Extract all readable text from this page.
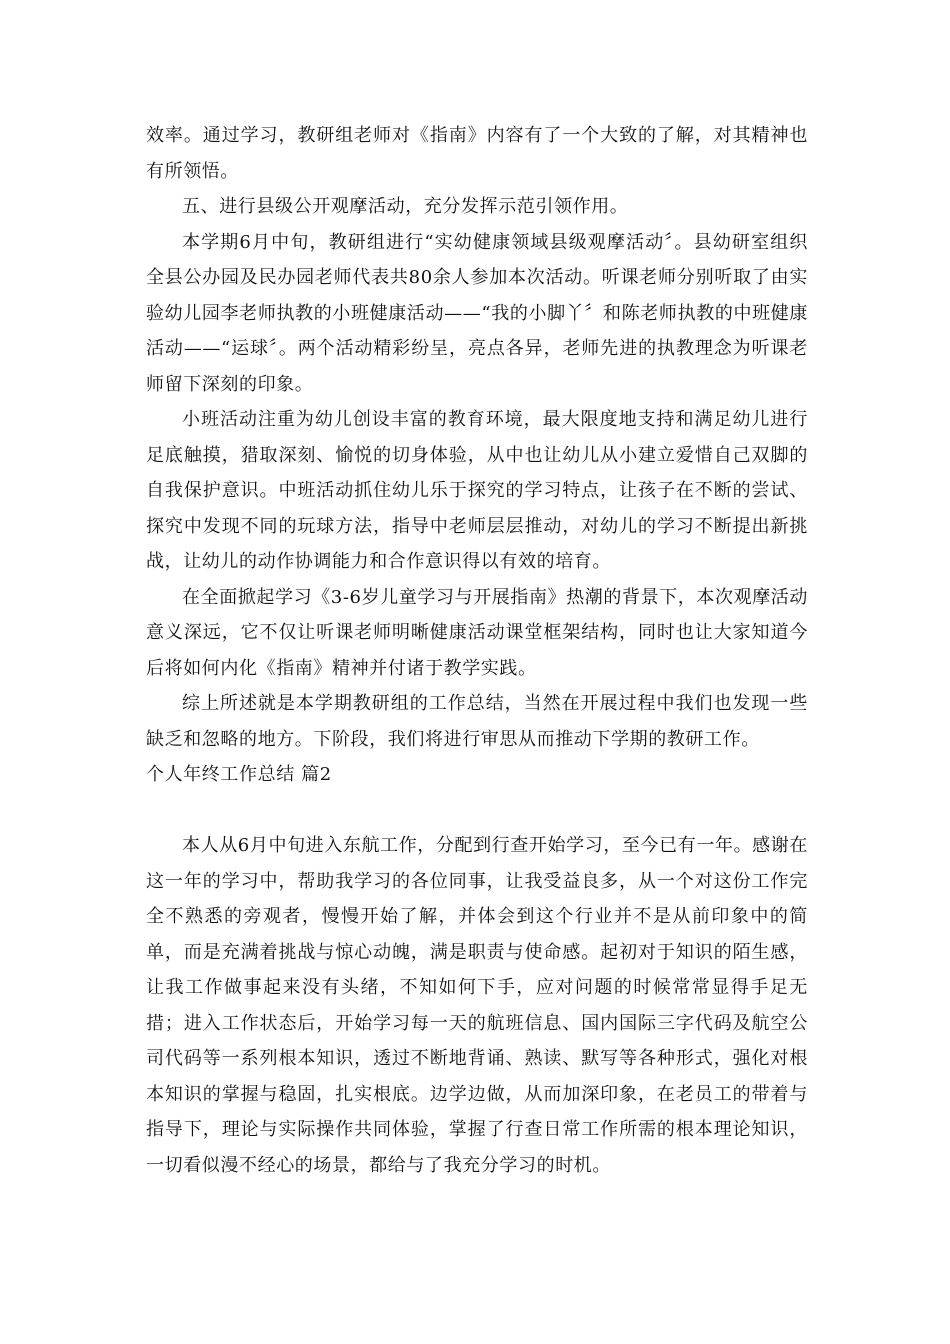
效率。通过学习，教研组老师对《指南》内容有了一个大致的了解，对其精神也有所领悟。

五、进行县级公开观摩活动，充分发挥示范引领作用。

本学期6月中旬，教研组进行“实幼健康领域县级观摩活动〞。县幼研室组织全县公办园及民办园老师代表共80余人参加本次活动。听课老师分别听取了由实验幼儿园李老师执教的小班健康活动——“我的小脚丫〞和陈老师执教的中班健康活动——“运球〞。两个活动精彩纷呈，亮点各异，老师先进的执教理念为听课老师留下深刻的印象。

小班活动注重为幼儿创设丰富的教育环境，最大限度地支持和满足幼儿进行足底触摸，猎取深刻、愉悦的切身体验，从中也让幼儿从小建立爱惜自己双脚的自我保护意识。中班活动抓住幼儿乐于探究的学习特点，让孩子在不断的尝试、探究中发现不同的玩球方法，指导中老师层层推动，对幼儿的学习不断提出新挑战，让幼儿的动作协调能力和合作意识得以有效的培育。

在全面掀起学习《3-6岁儿童学习与开展指南》热潮的背景下，本次观摩活动意义深远，它不仅让听课老师明晰健康活动课堂框架结构，同时也让大家知道今后将如何内化《指南》精神并付诸于教学实践。

综上所述就是本学期教研组的工作总结，当然在开展过程中我们也发现一些缺乏和忽略的地方。下阶段，我们将进行审思从而推动下学期的教研工作。

个人年终工作总结 篇2

本人从6月中旬进入东航工作，分配到行查开始学习，至今已有一年。感谢在这一年的学习中，帮助我学习的各位同事，让我受益良多，从一个对这份工作完全不熟悉的旁观者，慢慢开始了解，并体会到这个行业并不是从前印象中的简单，而是充满着挑战与惊心动魄，满是职责与使命感。起初对于知识的陌生感，让我工作做事起来没有头绪，不知如何下手，应对问题的时候常常显得手足无措；进入工作状态后，开始学习每一天的航班信息、国内国际三字代码及航空公司代码等一系列根本知识，透过不断地背诵、熟读、默写等各种形式，强化对根本知识的掌握与稳固，扎实根底。边学边做，从而加深印象，在老员工的带着与指导下，理论与实际操作共同体验，掌握了行查日常工作所需的根本理论知识，一切看似漫不经心的场景，都给与了我充分学习的时机。
